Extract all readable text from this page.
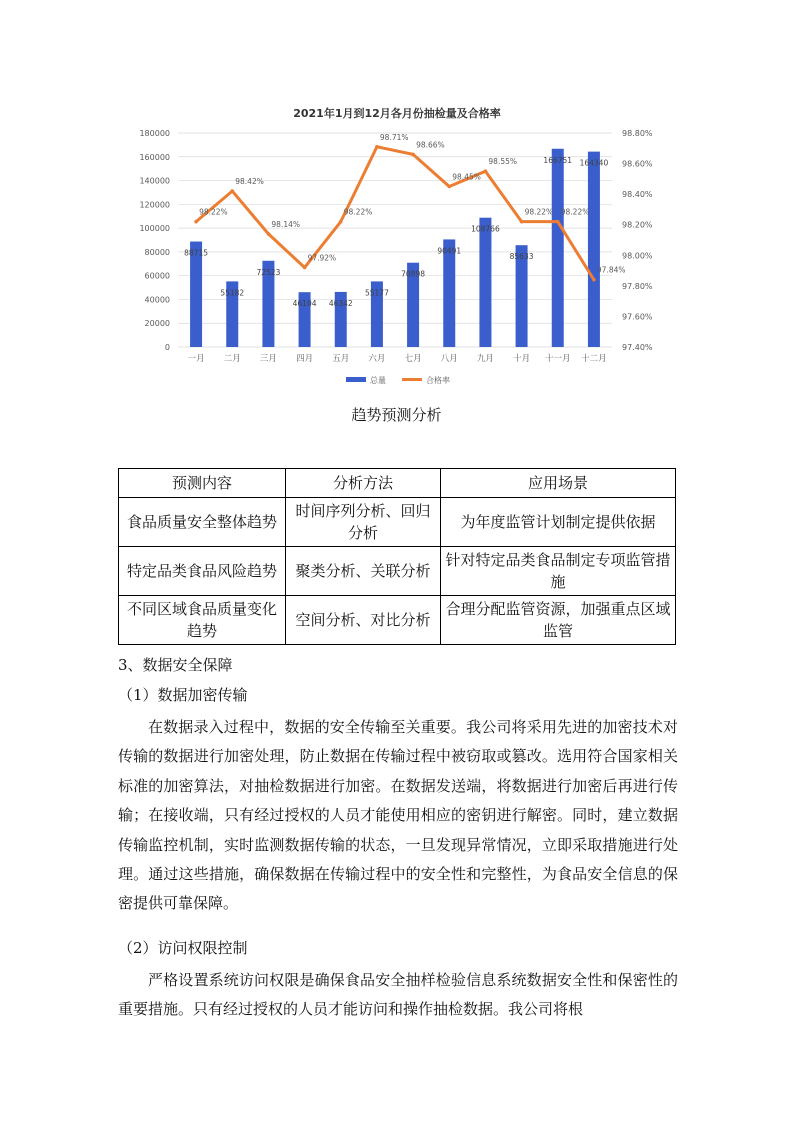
2021年1月到12月各月份抽检量及合格率
0
20000
40000
60000
80000
100000
120000
140000
160000
180000
97.40%
97.60%
97.80%
98.00%
98.20%
98.40%
98.60%
98.80%
一月 二月 三月 四月 五月 六月 七月 八月 九月 十月 十一月 十二月
88715
55182
72523
46104 46342
55177
70898
90491
108766
85633
166751 164340
98.22%
98.42%
98.14%
97.92%
98.22%
98.71%
98.66%
98.45%
98.55%
98.22% 98.22%
97.84%
总量	合格率
趋势预测分析
预测内容	分析方法	应用场景
食品质量安全整体趋势	时间序列分析、回归分析	为年度监管计划制定提供依据
特定品类食品风险趋势	聚类分析、关联分析	针对特定品类食品制定专项监管措施
不同区域食品质量变化趋势	空间分析、对比分析	合理分配监管资源，加强重点区域监管
3、数据安全保障
（1）数据加密传输

在数据录入过程中，数据的安全传输至关重要。我公司将采用先进的加密技术对传输的数据进行加密处理，防止数据在传输过程中被窃取或篡改。选用符合国家相关标准的加密算法，对抽检数据进行加密。在数据发送端，将数据进行加密后再进行传输；在接收端，只有经过授权的人员才能使用相应的密钥进行解密。同时，建立数据传输监控机制，实时监测数据传输的状态，一旦发现异常情况，立即采取措施进行处理。通过这些措施，确保数据在传输过程中的安全性和完整性，为食品安全信息的保密提供可靠保障。

（2）访问权限控制

严格设置系统访问权限是确保食品安全抽样检验信息系统数据安全性和保密性的重要措施。只有经过授权的人员才能访问和操作抽检数据。我公司将根
